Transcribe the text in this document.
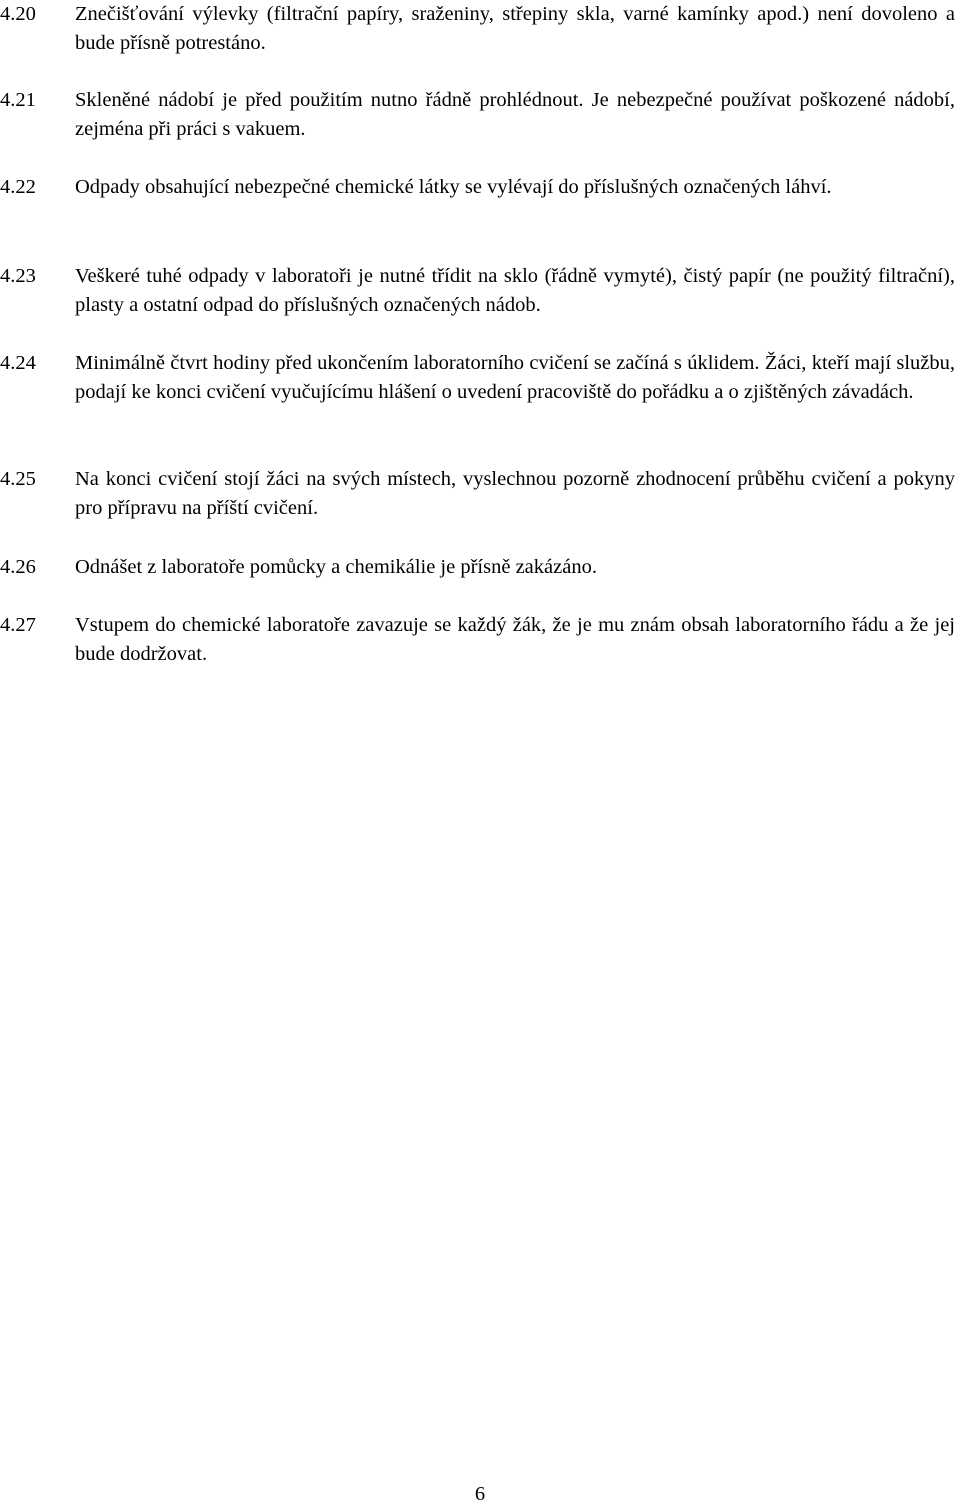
4.20 Znečišťování výlevky (filtrační papíry, sraženiny, střepiny skla, varné kamínky apod.) není dovoleno a bude přísně potrestáno.
4.21 Skleněné nádobí je před použitím nutno řádně prohlédnout. Je nebezpečné používat poškozené nádobí, zejména při práci s vakuem.
4.22 Odpady obsahující nebezpečné chemické látky se vylévají do příslušných označených láhví.
4.23 Veškeré tuhé odpady v laboratoři je nutné třídit na sklo (řádně vymyté), čistý papír (ne použitý filtrační), plasty a ostatní odpad do příslušných označených nádob.
4.24 Minimálně čtvrt hodiny před ukončením laboratorního cvičení se začíná s úklidem. Žáci, kteří mají službu, podají ke konci cvičení vyučujícímu hlášení o uvedení pracoviště do pořádku a o zjištěných závadách.
4.25 Na konci cvičení stojí žáci na svých místech, vyslechnou pozorně zhodnocení průběhu cvičení a pokyny pro přípravu na příští cvičení.
4.26 Odnášet z laboratoře pomůcky a chemikálie je přísně zakázáno.
4.27 Vstupem do chemické laboratoře zavazuje se každý žák, že je mu znám obsah laboratorního řádu a že jej bude dodržovat.
6
